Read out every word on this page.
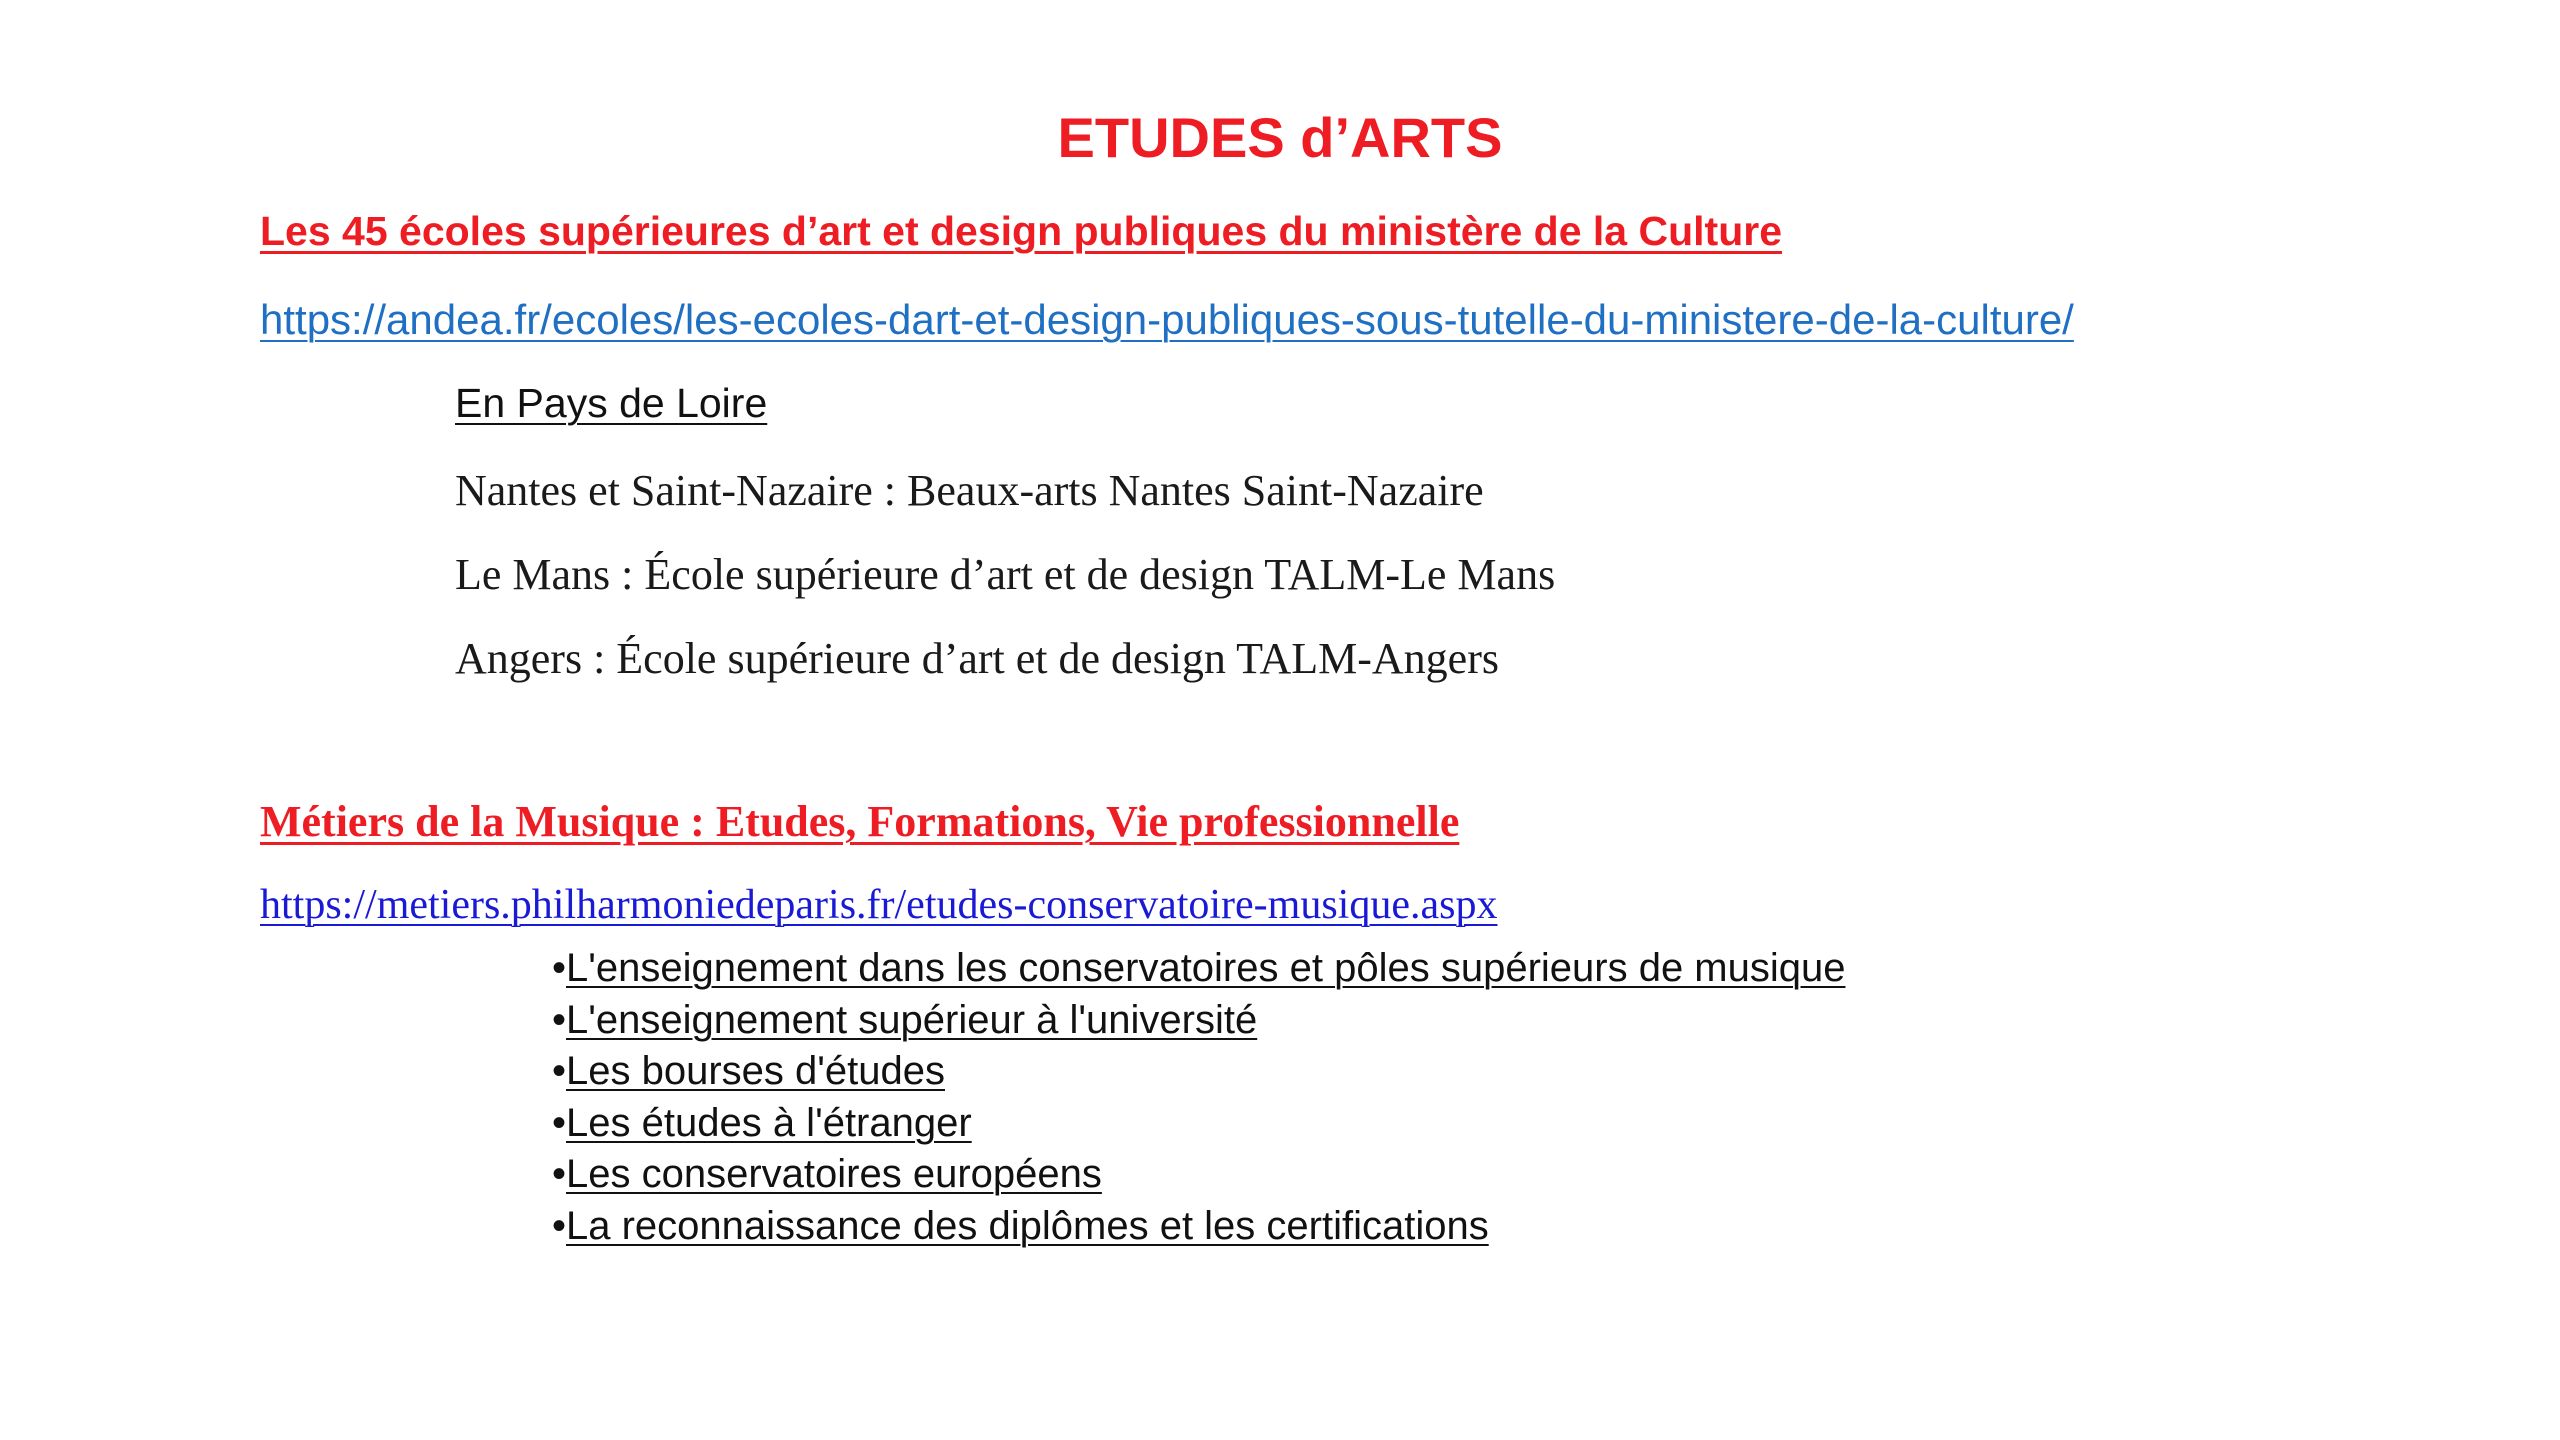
ETUDES d’ARTS
Les 45 écoles supérieures d’art et design publiques du ministère de la Culture
https://andea.fr/ecoles/les-ecoles-dart-et-design-publiques-sous-tutelle-du-ministere-de-la-culture/
En Pays de Loire
Nantes et Saint-Nazaire : Beaux-arts Nantes Saint-Nazaire
Le Mans : École supérieure d’art et de design TALM-Le Mans
Angers : École supérieure d’art et de design TALM-Angers
Métiers de la Musique : Etudes, Formations, Vie professionnelle
https://metiers.philharmoniedeparis.fr/etudes-conservatoire-musique.aspx
•L'enseignement dans les conservatoires et pôles supérieurs de musique
•L'enseignement supérieur à l'université
•Les bourses d'études
•Les études à l'étranger
•Les conservatoires européens
•La reconnaissance des diplômes et les certifications
